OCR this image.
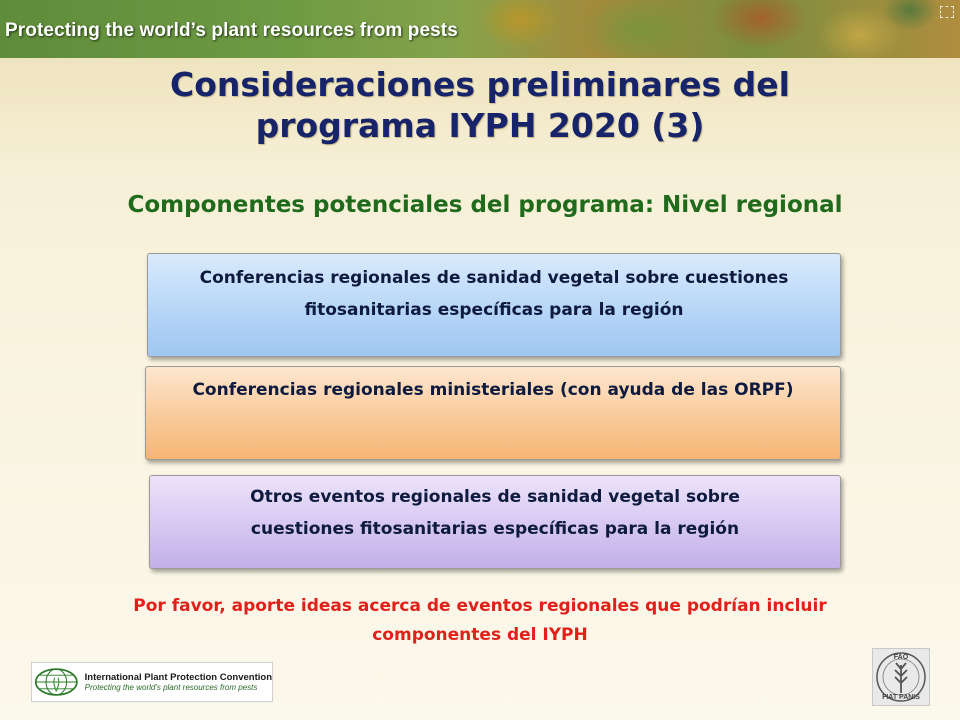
Protecting the world’s plant resources from pests
Consideraciones preliminares del
programa IYPH 2020 (3)
Componentes potenciales del programa: Nivel regional
Conferencias regionales de sanidad vegetal sobre cuestiones
fitosanitarias específicas para la región
Conferencias regionales ministeriales (con ayuda de las ORPF)
Otros eventos regionales de sanidad vegetal sobre
cuestiones fitosanitarias específicas para la región
Por favor, aporte ideas acerca de eventos regionales que podrían incluir
componentes del IYPH
International Plant Protection Convention
Protecting the world's plant resources from pests
FAO
FIAT PANIS
